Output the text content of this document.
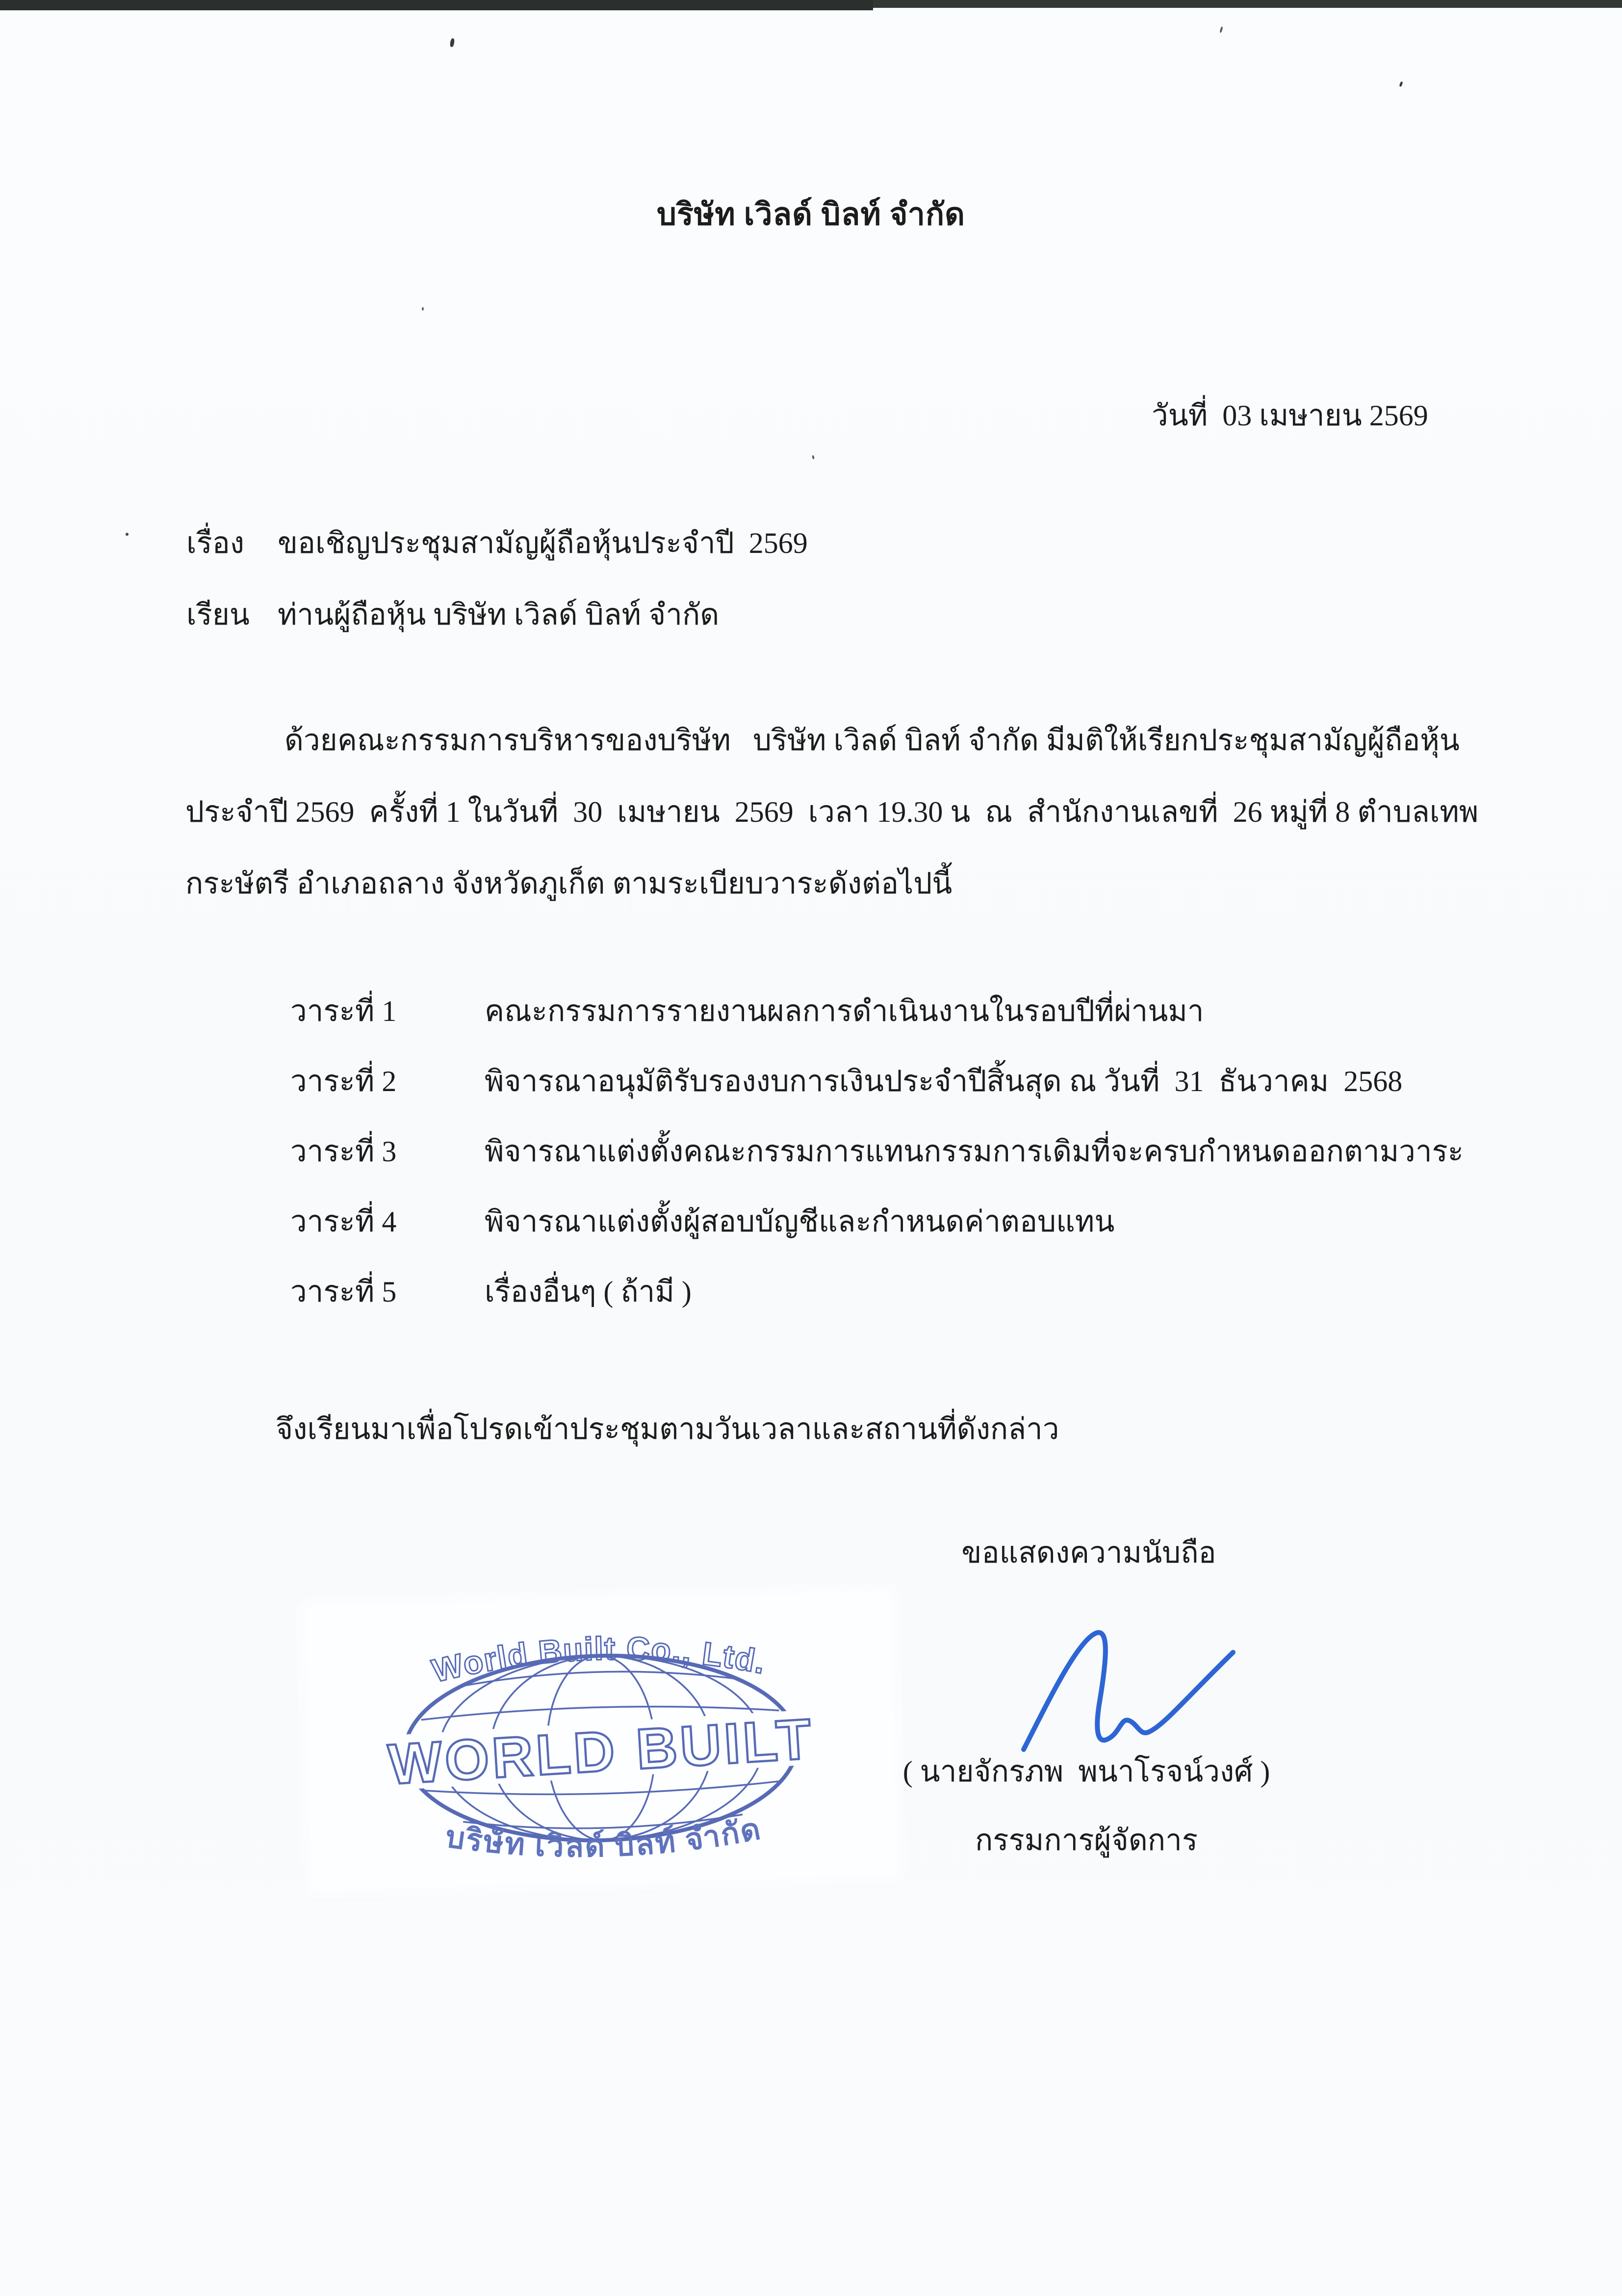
บริษัท เวิลด์ บิลท์ จำกัด
วันที่  03 เมษายน 2569
เรื่อง ขอเชิญประชุมสามัญผู้ถือหุ้นประจำปี  2569
เรียน ท่านผู้ถือหุ้น บริษัท เวิลด์ บิลท์ จำกัด
ด้วยคณะกรรมการบริหารของบริษัท   บริษัท เวิลด์ บิลท์ จำกัด มีมติให้เรียกประชุมสามัญผู้ถือหุ้น
ประจำปี 2569  ครั้งที่ 1 ในวันที่  30  เมษายน  2569  เวลา 19.30 น  ณ  สำนักงานเลขที่  26 หมู่ที่ 8 ตำบลเทพ
กระษัตรี อำเภอถลาง จังหวัดภูเก็ต ตามระเบียบวาระดังต่อไปนี้
วาระที่ 1	คณะกรรมการรายงานผลการดำเนินงานในรอบปีที่ผ่านมา
วาระที่ 2	พิจารณาอนุมัติรับรองงบการเงินประจำปีสิ้นสุด ณ วันที่  31  ธันวาคม  2568
วาระที่ 3	พิจารณาแต่งตั้งคณะกรรมการแทนกรรมการเดิมที่จะครบกำหนดออกตามวาระ
วาระที่ 4	พิจารณาแต่งตั้งผู้สอบบัญชีและกำหนดค่าตอบแทน
วาระที่ 5	เรื่องอื่นๆ ( ถ้ามี )
จึงเรียนมาเพื่อโปรดเข้าประชุมตามวันเวลาและสถานที่ดังกล่าว
ขอแสดงความนับถือ
WORLD BUILT
World Built Co., Ltd.
บริษัท เวิลด์ บิลท์ จำกัด
( นายจักรภพ  พนาโรจน์วงศ์ )
กรรมการผู้จัดการ
